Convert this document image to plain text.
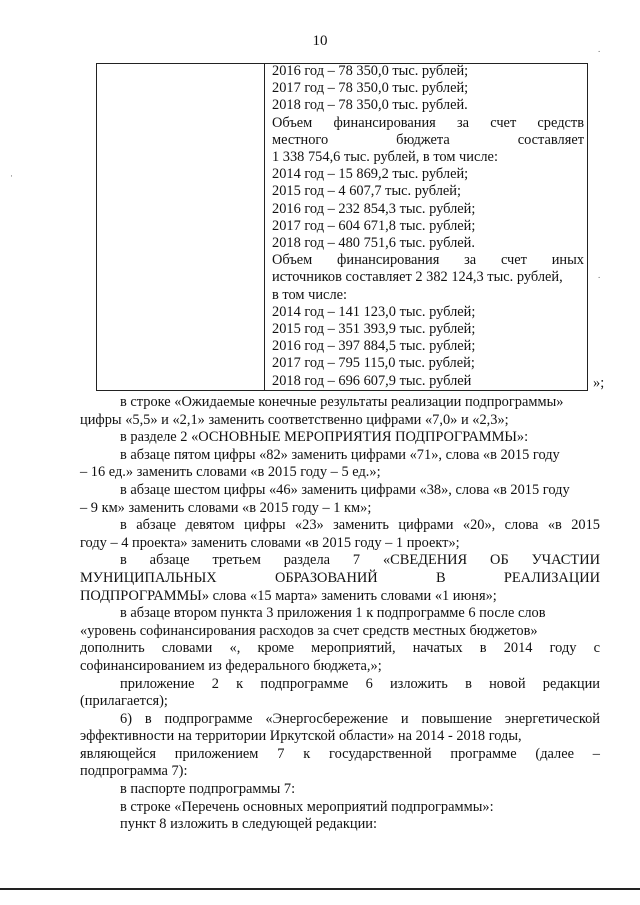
10
2016 год – 78 350,0 тыс. рублей;
2017 год – 78 350,0 тыс. рублей;
2018 год – 78 350,0 тыс. рублей.
Объем финансирования за счет средств
местного бюджета составляет
1 338 754,6 тыс. рублей, в том числе:
2014 год – 15 869,2 тыс. рублей;
2015 год – 4 607,7 тыс. рублей;
2016 год – 232 854,3 тыс. рублей;
2017 год – 604 671,8 тыс. рублей;
2018 год – 480 751,6 тыс. рублей.
Объем финансирования за счет иных
источников составляет 2 382 124,3 тыс. рублей,
в том числе:
2014 год – 141 123,0 тыс. рублей;
2015 год – 351 393,9 тыс. рублей;
2016 год – 397 884,5 тыс. рублей;
2017 год – 795 115,0 тыс. рублей;
2018 год – 696 607,9 тыс. рублей	»;
в строке «Ожидаемые конечные результаты реализации подпрограммы»
цифры «5,5» и «2,1» заменить соответственно цифрами «7,0» и «2,3»;
в разделе 2 «ОСНОВНЫЕ МЕРОПРИЯТИЯ ПОДПРОГРАММЫ»:
в абзаце пятом цифры «82» заменить цифрами «71», слова «в 2015 году
– 16 ед.» заменить словами «в 2015 году – 5 ед.»;
в абзаце шестом цифры «46» заменить цифрами «38», слова «в 2015 году
– 9 км» заменить словами «в 2015 году – 1 км»;
в абзаце девятом цифры «23» заменить цифрами «20», слова «в 2015
году – 4 проекта» заменить словами «в 2015 году – 1 проект»;
в абзаце третьем раздела 7 «СВЕДЕНИЯ ОБ УЧАСТИИ
МУНИЦИПАЛЬНЫХ ОБРАЗОВАНИЙ В РЕАЛИЗАЦИИ
ПОДПРОГРАММЫ» слова «15 марта» заменить словами «1 июня»;
в абзаце втором пункта 3 приложения 1 к подпрограмме 6 после слов
«уровень софинансирования расходов за счет средств местных бюджетов»
дополнить словами «, кроме мероприятий, начатых в 2014 году с
софинансированием из федерального бюджета,»;
приложение 2 к подпрограмме 6 изложить в новой редакции
(прилагается);
6) в подпрограмме «Энергосбережение и повышение энергетической
эффективности на территории Иркутской области» на 2014 - 2018 годы,
являющейся приложением 7 к государственной программе (далее –
подпрограмма 7):
в паспорте подпрограммы 7:
в строке «Перечень основных мероприятий подпрограммы»:
пункт 8 изложить в следующей редакции:
.
.
·
